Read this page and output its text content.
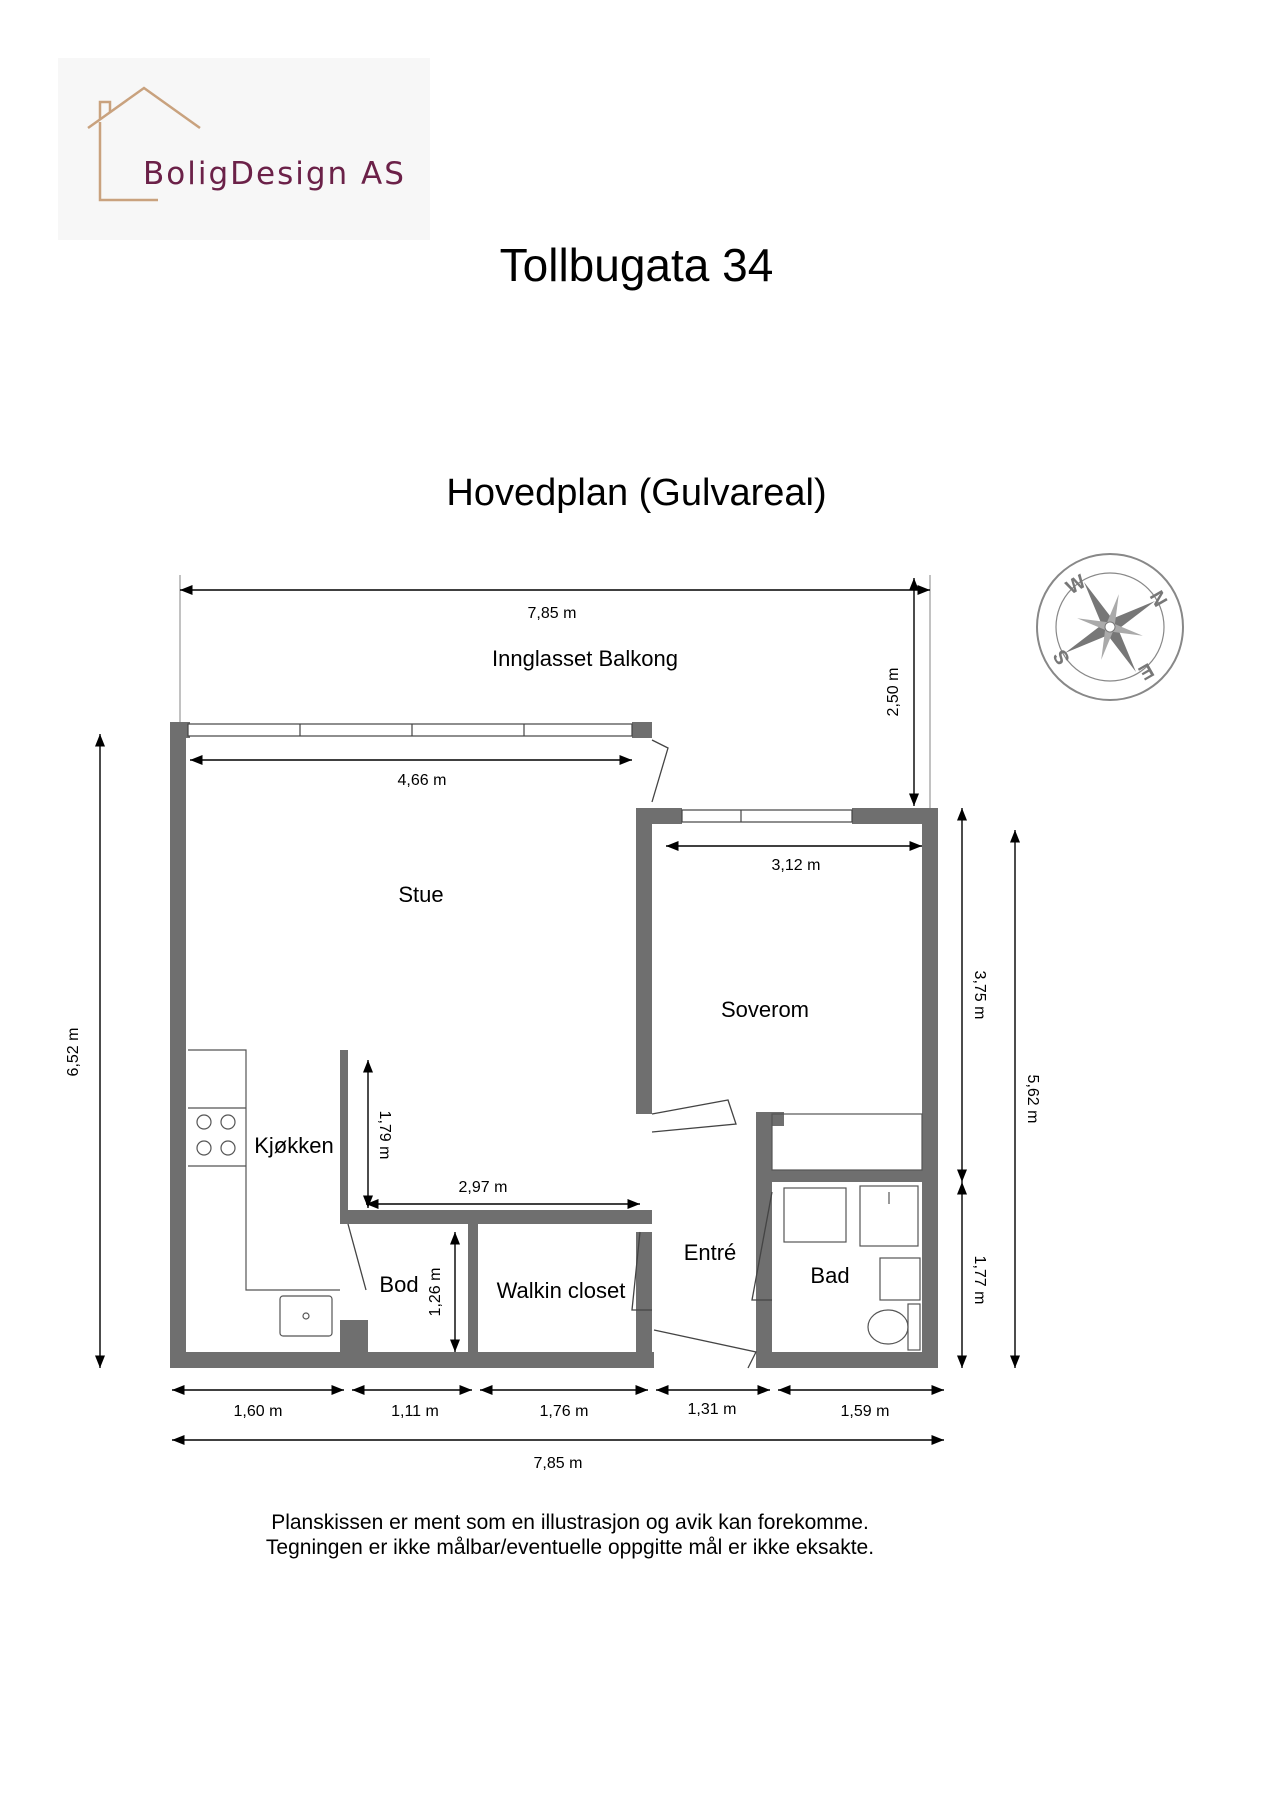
BoligDesign AS
Tollbugata 34
Hovedplan (Gulvareal)
Innglasset Balkong
Stue
Soverom
Kjøkken
Bod	Walkin closet
Entré
Bad
7,85 m
2,50 m
4,66 m
3,12 m
6,52 m
1,79 m
2,97 m
1,26 m
3,75 m
1,77 m
5,62 m
1,60 m	1,11 m	1,76 m	1,31 m	1,59 m
7,85 m
W	N
S
E
Planskissen er ment som en illustrasjon og avik kan forekomme.
Tegningen er ikke målbar/eventuelle oppgitte mål er ikke eksakte.
